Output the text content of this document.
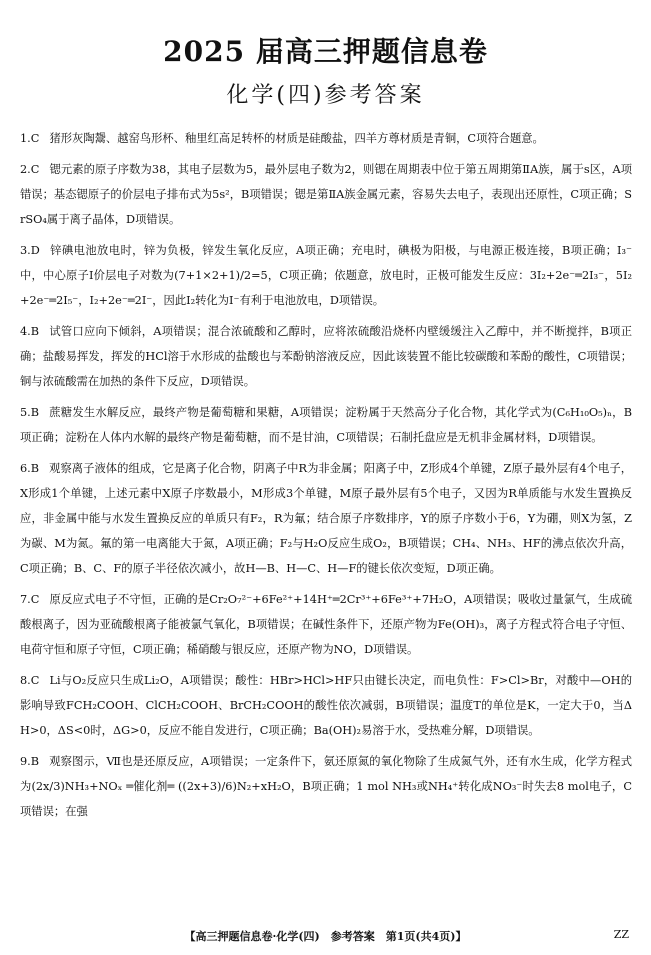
2025 届高三押题信息卷
化学(四)参考答案

1.C 猪形灰陶鬶、越窑鸟形杯、釉里红高足转杯的材质是硅酸盐，四羊方尊材质是青铜，C项符合题意。

2.C 锶元素的原子序数为38，其电子层数为5，最外层电子数为2，则锶在周期表中位于第五周期第ⅡA族，属于s区，A项错误；基态锶原子的价层电子排布式为5s²，B项错误；锶是第ⅡA族金属元素，容易失去电子，表现出还原性，C项正确；SrSO₄属于离子晶体，D项错误。

3.D 锌碘电池放电时，锌为负极，锌发生氧化反应，A项正确；充电时，碘极为阳极，与电源正极连接，B项正确；I₃⁻中，中心原子I价层电子对数为(7+1×2+1)/2=5，C项正确；依题意，放电时，正极可能发生反应：3I₂+2e⁻═2I₃⁻，5I₂+2e⁻═2I₅⁻，I₂+2e⁻═2I⁻，因此I₂转化为I⁻有利于电池放电，D项错误。

4.B 试管口应向下倾斜，A项错误；混合浓硫酸和乙醇时，应将浓硫酸沿烧杯内壁缓缓注入乙醇中，并不断搅拌，B项正确；盐酸易挥发，挥发的HCl溶于水形成的盐酸也与苯酚钠溶液反应，因此该装置不能比较碳酸和苯酚的酸性，C项错误；铜与浓硫酸需在加热的条件下反应，D项错误。

5.B 蔗糖发生水解反应，最终产物是葡萄糖和果糖，A项错误；淀粉属于天然高分子化合物，其化学式为(C₆H₁₀O₅)ₙ，B项正确；淀粉在人体内水解的最终产物是葡萄糖，而不是甘油，C项错误；石制托盘应是无机非金属材料，D项错误。

6.B 观察离子液体的组成，它是离子化合物，阴离子中R为非金属；阳离子中，Z形成4个单键，Z原子最外层有4个电子，X形成1个单键，上述元素中X原子序数最小，M形成3个单键，M原子最外层有5个电子，又因为R单质能与水发生置换反应，非金属中能与水发生置换反应的单质只有F₂，R为氟；结合原子序数排序，Y的原子序数小于6，Y为硼，则X为氢，Z为碳、M为氮。氟的第一电离能大于氮，A项正确；F₂与H₂O反应生成O₂，B项错误；CH₄、NH₃、HF的沸点依次升高，C项正确；B、C、F的原子半径依次减小，故H—B、H—C、H—F的键长依次变短，D项正确。

7.C 原反应式电子不守恒，正确的是Cr₂O₇²⁻+6Fe²⁺+14H⁺═2Cr³⁺+6Fe³⁺+7H₂O，A项错误；吸收过量氯气，生成硫酸根离子，因为亚硫酸根离子能被氯气氧化，B项错误；在碱性条件下，还原产物为Fe(OH)₃，离子方程式符合电子守恒、电荷守恒和原子守恒，C项正确；稀硝酸与银反应，还原产物为NO，D项错误。

8.C Li与O₂反应只生成Li₂O，A项错误；酸性：HBr>HCl>HF只由键长决定，而电负性：F>Cl>Br，对酸中—OH的影响导致FCH₂COOH、ClCH₂COOH、BrCH₂COOH的酸性依次减弱，B项错误；温度T的单位是K，一定大于0，当ΔH>0，ΔS<0时，ΔG>0，反应不能自发进行，C项正确；Ba(OH)₂易溶于水，受热难分解，D项错误。

9.B 观察图示，Ⅶ也是还原反应，A项错误；一定条件下，氨还原氮的氧化物除了生成氮气外，还有水生成，化学方程式为(2x/3)NH₃+NOₓ ═催化剂═ ((2x+3)/6)N₂+xH₂O，B项正确；1 mol NH₃或NH₄⁺转化成NO₃⁻时失去8 mol电子，C项错误；在强

【高三押题信息卷·化学(四)　参考答案　第1页(共4页)】	ZZ
